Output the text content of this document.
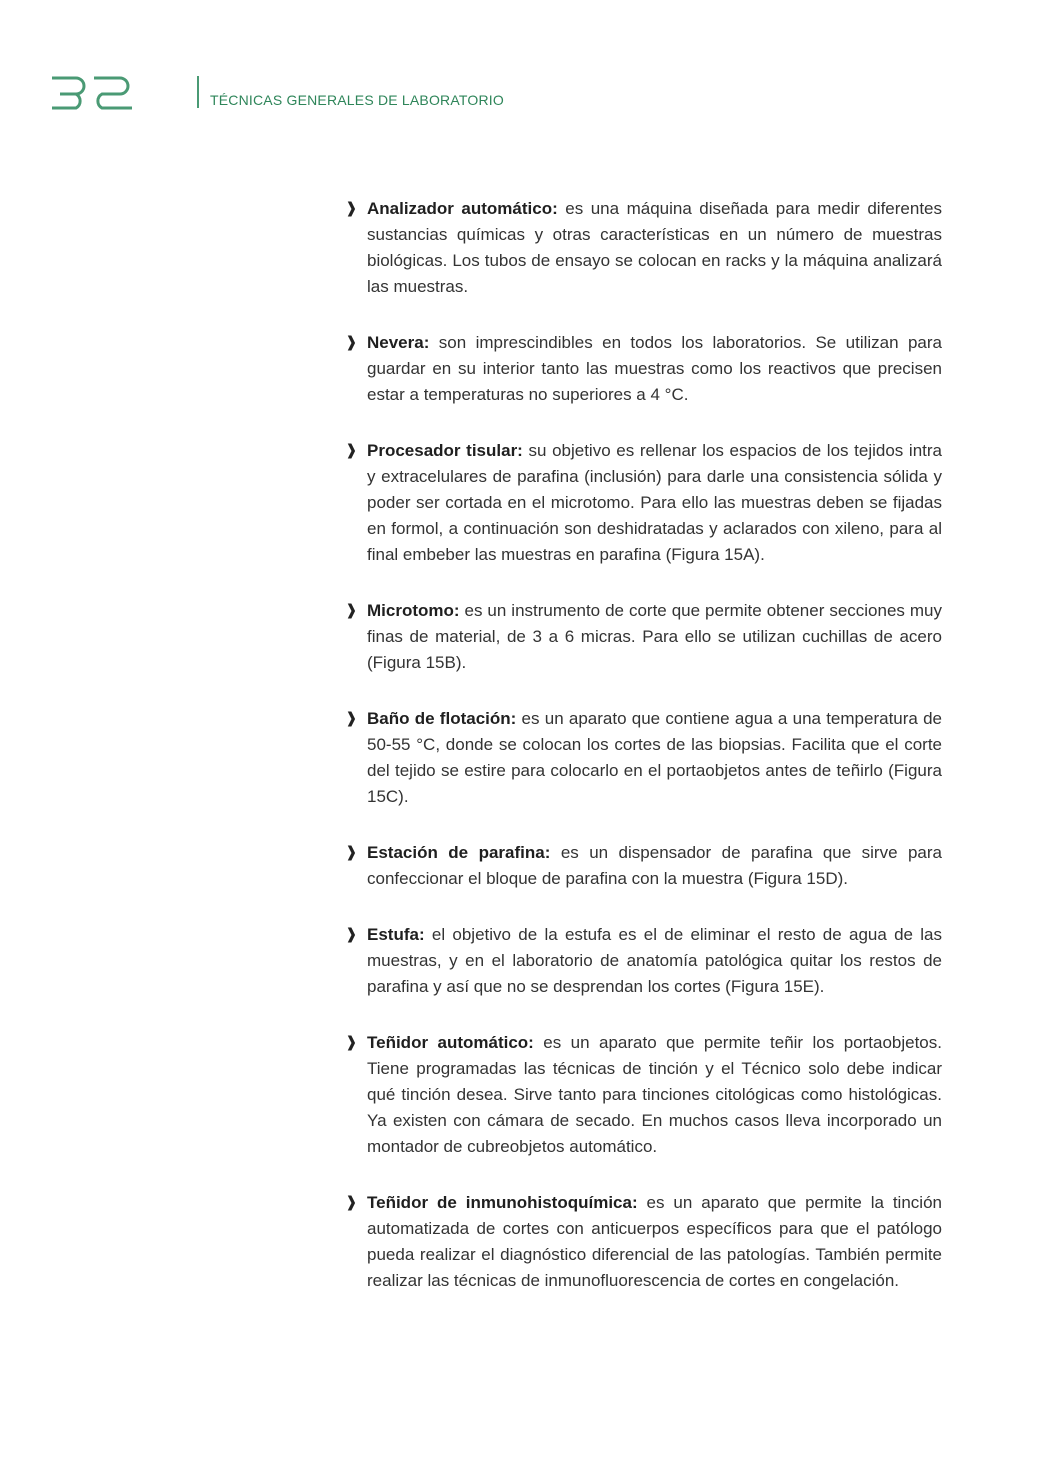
TÉCNICAS GENERALES DE LABORATORIO

❱ Analizador automático: es una máquina diseñada para medir diferentes sustancias químicas y otras características en un número de muestras biológicas. Los tubos de ensayo se colocan en racks y la máquina analizará las muestras.

❱ Nevera: son imprescindibles en todos los laboratorios. Se utilizan para guardar en su interior tanto las muestras como los reactivos que precisen estar a temperaturas no superiores a 4 °C.

❱ Procesador tisular: su objetivo es rellenar los espacios de los tejidos intra y extracelulares de parafina (inclusión) para darle una consistencia sólida y poder ser cortada en el microtomo. Para ello las muestras deben se fijadas en formol, a continuación son deshidratadas y aclarados con xileno, para al final embeber las muestras en parafina (Figura 15A).

❱ Microtomo: es un instrumento de corte que permite obtener secciones muy finas de material, de 3 a 6 micras. Para ello se utilizan cuchillas de acero (Figura 15B).

❱ Baño de flotación: es un aparato que contiene agua a una temperatura de 50-55 °C, donde se colocan los cortes de las biopsias. Facilita que el corte del tejido se estire para colocarlo en el portaobjetos antes de teñirlo (Figura 15C).

❱ Estación de parafina: es un dispensador de parafina que sirve para confeccionar el bloque de parafina con la muestra (Figura 15D).

❱ Estufa: el objetivo de la estufa es el de eliminar el resto de agua de las muestras, y en el laboratorio de anatomía patológica quitar los restos de parafina y así que no se desprendan los cortes (Figura 15E).

❱ Teñidor automático: es un aparato que permite teñir los portaobjetos. Tiene programadas las técnicas de tinción y el Técnico solo debe indicar qué tinción desea. Sirve tanto para tinciones citológicas como histológicas. Ya existen con cámara de secado. En muchos casos lleva incorporado un montador de cubreobjetos automático.

❱ Teñidor de inmunohistoquímica: es un aparato que permite la tinción automatizada de cortes con anticuerpos específicos para que el patólogo pueda realizar el diagnóstico diferencial de las patologías. También permite realizar las técnicas de inmunofluorescencia de cortes en congelación.
